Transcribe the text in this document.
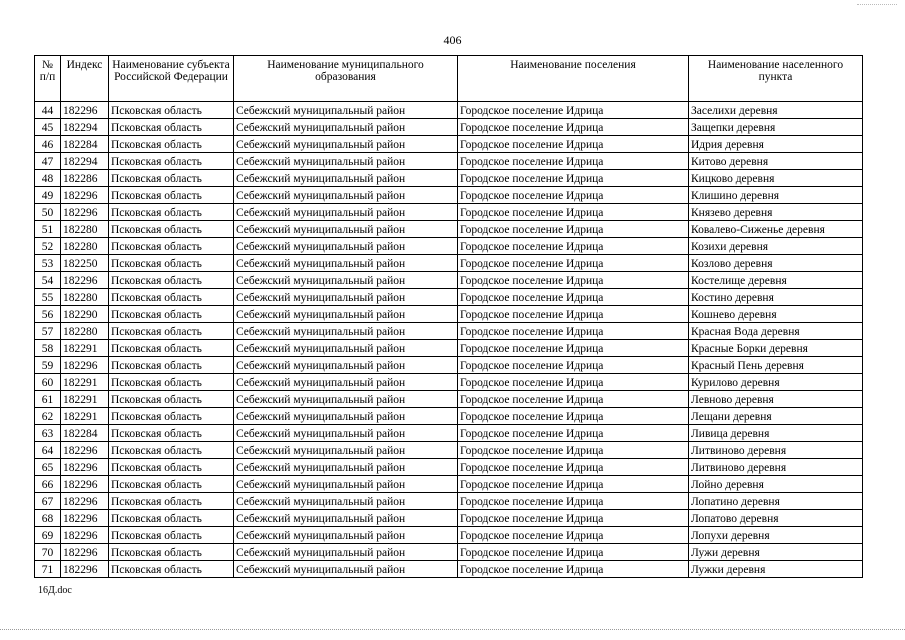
406
№ п/п	Индекс	Наименование субъекта Российской Федерации	Наименование муниципального образования	Наименование поселения	Наименование населенного пункта
44	182296	Псковская область	Себежский муниципальный район	Городское поселение Идрица	Заселихи деревня
45	182294	Псковская область	Себежский муниципальный район	Городское поселение Идрица	Защепки деревня
46	182284	Псковская область	Себежский муниципальный район	Городское поселение Идрица	Идрия деревня
47	182294	Псковская область	Себежский муниципальный район	Городское поселение Идрица	Китово деревня
48	182286	Псковская область	Себежский муниципальный район	Городское поселение Идрица	Кицково деревня
49	182296	Псковская область	Себежский муниципальный район	Городское поселение Идрица	Клишино деревня
50	182296	Псковская область	Себежский муниципальный район	Городское поселение Идрица	Князево деревня
51	182280	Псковская область	Себежский муниципальный район	Городское поселение Идрица	Ковалево-Сиженье деревня
52	182280	Псковская область	Себежский муниципальный район	Городское поселение Идрица	Козихи деревня
53	182250	Псковская область	Себежский муниципальный район	Городское поселение Идрица	Козлово деревня
54	182296	Псковская область	Себежский муниципальный район	Городское поселение Идрица	Костелище деревня
55	182280	Псковская область	Себежский муниципальный район	Городское поселение Идрица	Костино деревня
56	182290	Псковская область	Себежский муниципальный район	Городское поселение Идрица	Кошнево деревня
57	182280	Псковская область	Себежский муниципальный район	Городское поселение Идрица	Красная Вода деревня
58	182291	Псковская область	Себежский муниципальный район	Городское поселение Идрица	Красные Борки деревня
59	182296	Псковская область	Себежский муниципальный район	Городское поселение Идрица	Красный Пень деревня
60	182291	Псковская область	Себежский муниципальный район	Городское поселение Идрица	Курилово деревня
61	182291	Псковская область	Себежский муниципальный район	Городское поселение Идрица	Левново деревня
62	182291	Псковская область	Себежский муниципальный район	Городское поселение Идрица	Лещани деревня
63	182284	Псковская область	Себежский муниципальный район	Городское поселение Идрица	Ливица деревня
64	182296	Псковская область	Себежский муниципальный район	Городское поселение Идрица	Литвиново деревня
65	182296	Псковская область	Себежский муниципальный район	Городское поселение Идрица	Литвиново деревня
66	182296	Псковская область	Себежский муниципальный район	Городское поселение Идрица	Лойно деревня
67	182296	Псковская область	Себежский муниципальный район	Городское поселение Идрица	Лопатино деревня
68	182296	Псковская область	Себежский муниципальный район	Городское поселение Идрица	Лопатово деревня
69	182296	Псковская область	Себежский муниципальный район	Городское поселение Идрица	Лопухи деревня
70	182296	Псковская область	Себежский муниципальный район	Городское поселение Идрица	Лужи деревня
71	182296	Псковская область	Себежский муниципальный район	Городское поселение Идрица	Лужки деревня
16Д.doc
